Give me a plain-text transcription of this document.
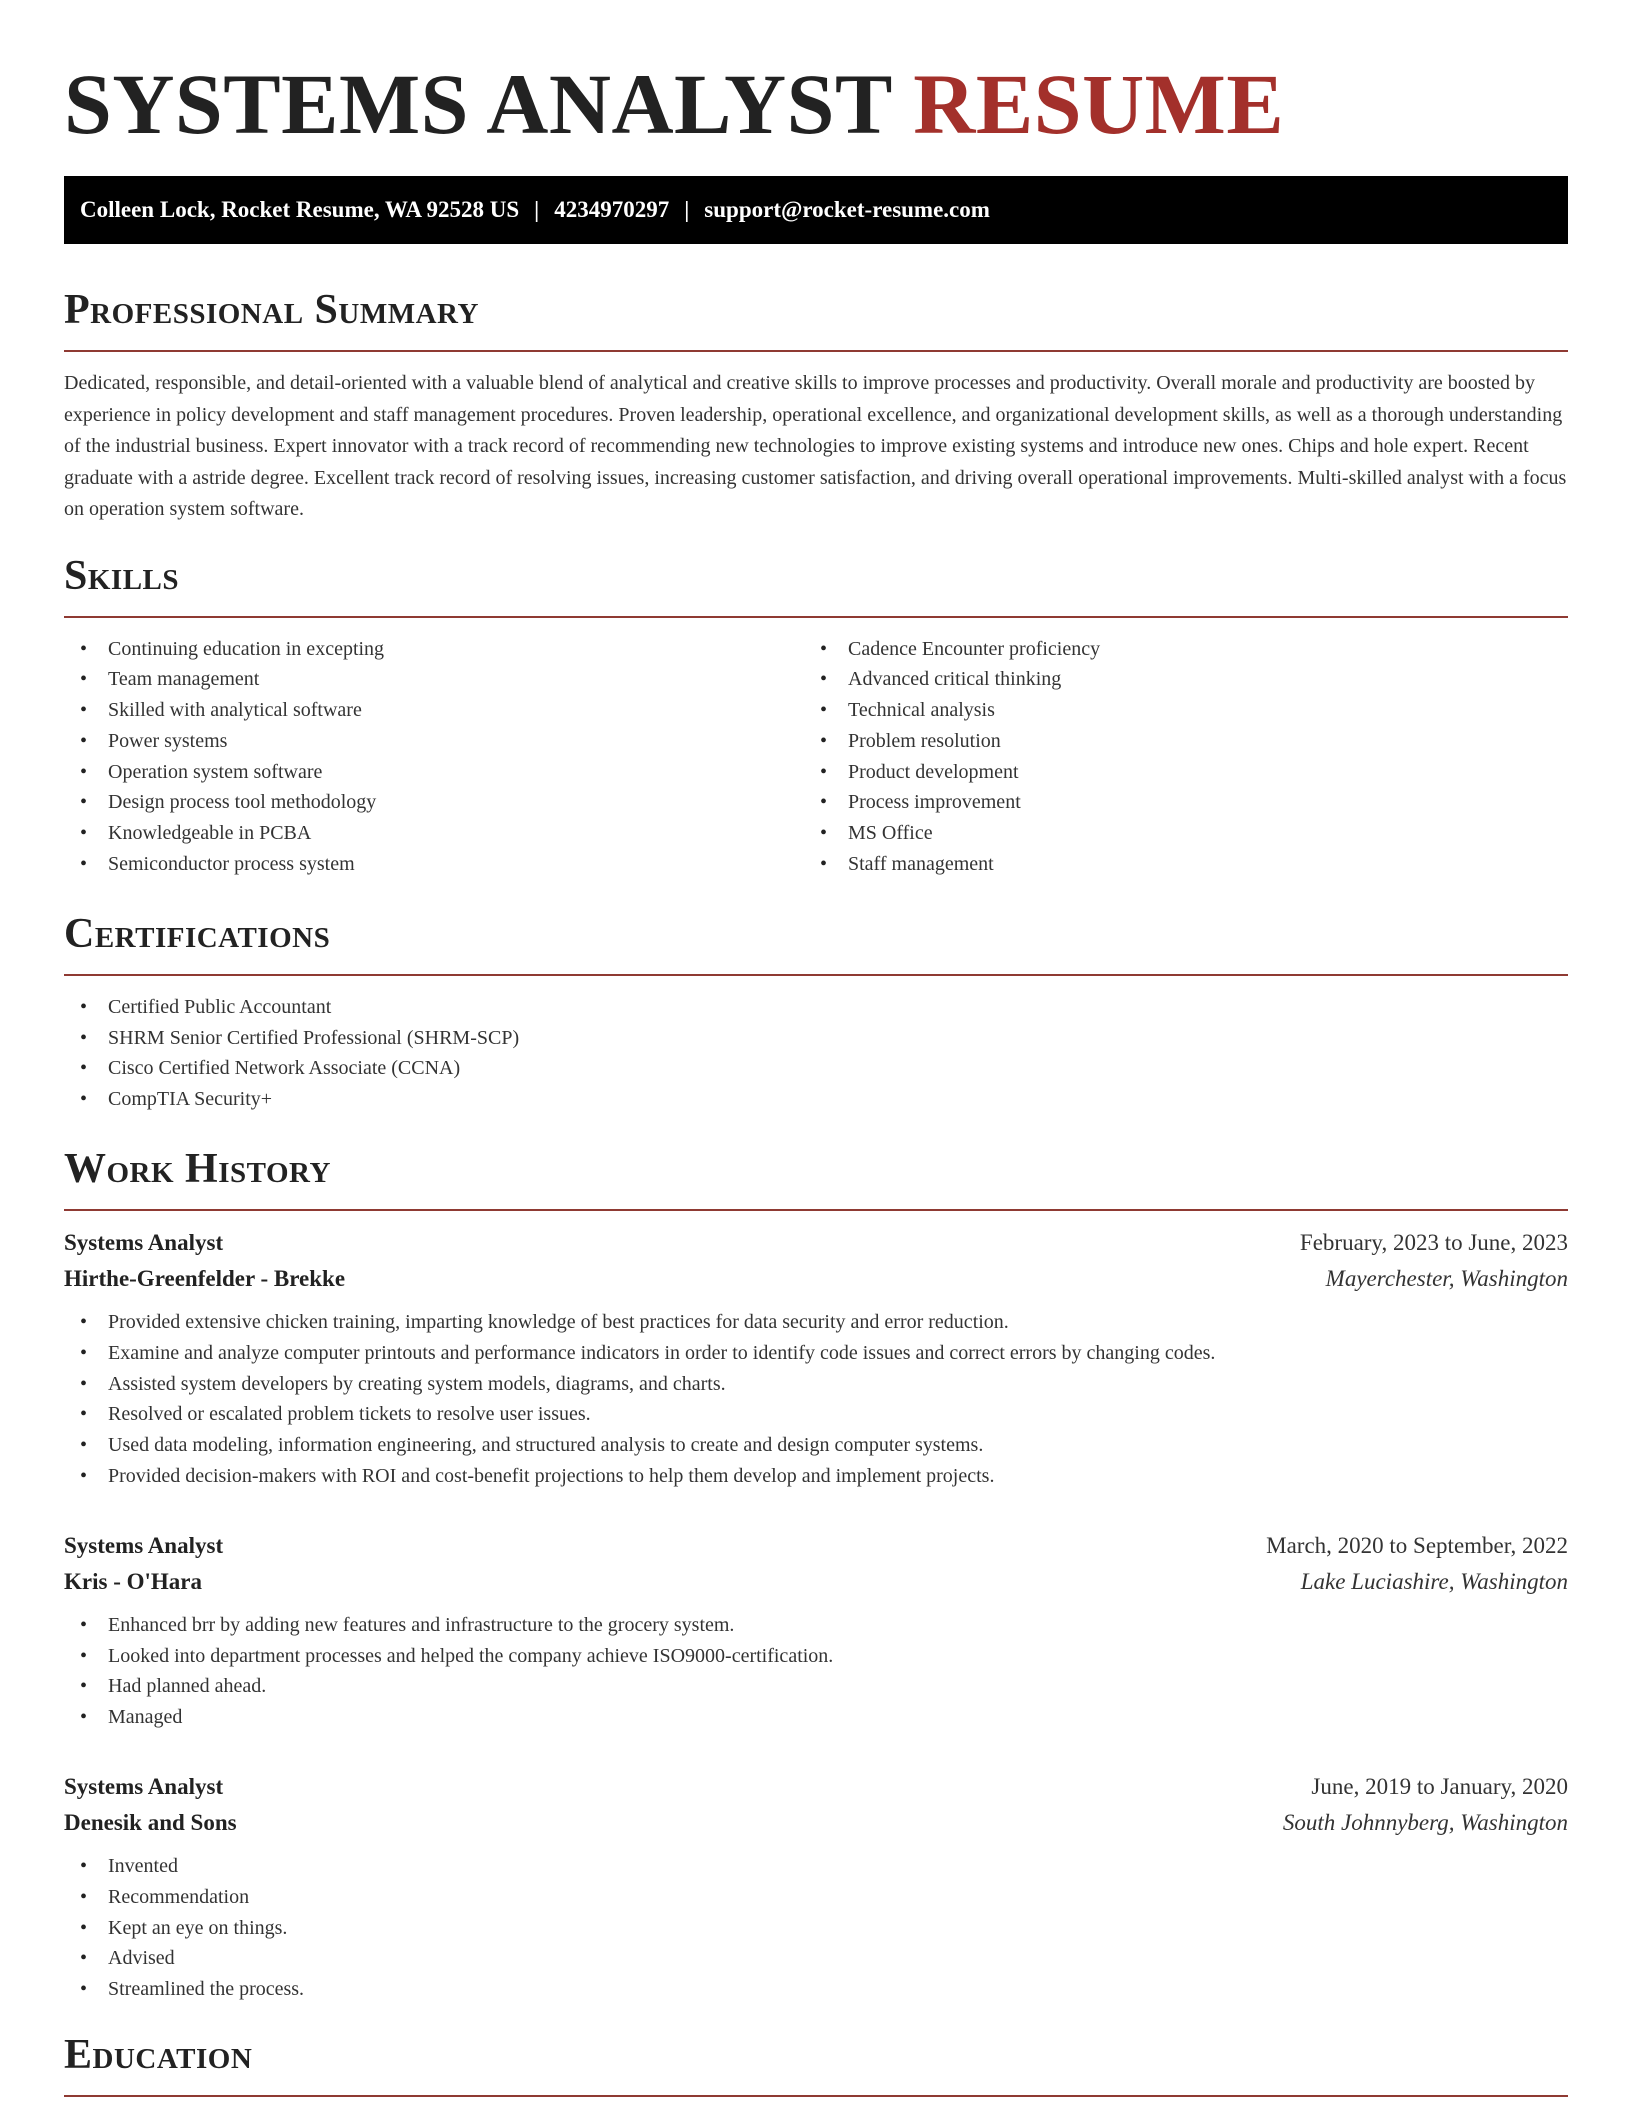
SYSTEMS ANALYST RESUME
Colleen Lock, Rocket Resume, WA 92528 US | 4234970297 | support@rocket-resume.com
Professional Summary

Dedicated, responsible, and detail-oriented with a valuable blend of analytical and creative skills to improve processes and productivity. Overall morale and productivity are boosted by experience in policy development and staff management procedures. Proven leadership, operational excellence, and organizational development skills, as well as a thorough understanding of the industrial business. Expert innovator with a track record of recommending new technologies to improve existing systems and introduce new ones. Chips and hole expert. Recent graduate with a astride degree. Excellent track record of resolving issues, increasing customer satisfaction, and driving overall operational improvements. Multi-skilled analyst with a focus on operation system software.

Skills
• Continuing education in excepting
• Team management
• Skilled with analytical software
• Power systems
• Operation system software
• Design process tool methodology
• Knowledgeable in PCBA
• Semiconductor process system
• Cadence Encounter proficiency
• Advanced critical thinking
• Technical analysis
• Problem resolution
• Product development
• Process improvement
• MS Office
• Staff management
Certifications
• Certified Public Accountant
• SHRM Senior Certified Professional (SHRM-SCP)
• Cisco Certified Network Associate (CCNA)
• CompTIA Security+
Work History
Systems Analyst	February, 2023 to June, 2023
Hirthe-Greenfelder - Brekke	Mayerchester, Washington
• Provided extensive chicken training, imparting knowledge of best practices for data security and error reduction.
• Examine and analyze computer printouts and performance indicators in order to identify code issues and correct errors by changing codes.
• Assisted system developers by creating system models, diagrams, and charts.
• Resolved or escalated problem tickets to resolve user issues.
• Used data modeling, information engineering, and structured analysis to create and design computer systems.
• Provided decision-makers with ROI and cost-benefit projections to help them develop and implement projects.
Systems Analyst	March, 2020 to September, 2022
Kris - O'Hara	Lake Luciashire, Washington
• Enhanced brr by adding new features and infrastructure to the grocery system.
• Looked into department processes and helped the company achieve ISO9000-certification.
• Had planned ahead.
• Managed
Systems Analyst	June, 2019 to January, 2020
Denesik and Sons	South Johnnyberg, Washington
• Invented
• Recommendation
• Kept an eye on things.
• Advised
• Streamlined the process.
Education
